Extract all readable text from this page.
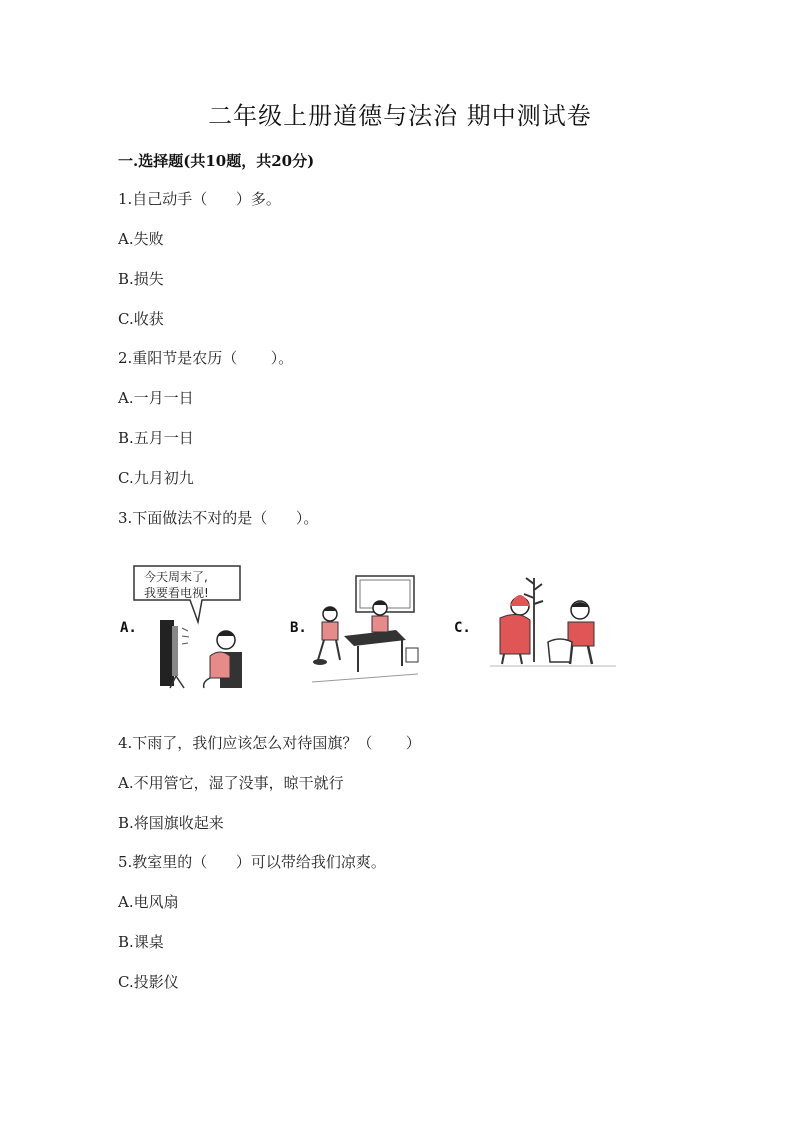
二年级上册道德与法治 期中测试卷
一.选择题(共10题，共20分)
1.自己动手（      ）多。
A.失败
B.损失
C.收获
2.重阳节是农历（       ）。
A.一月一日
B.五月一日
C.九月初九
3.下面做法不对的是（      ）。
A.
今天周末了,
我要看电视!
B.	C.
4.下雨了，我们应该怎么对待国旗？（       ）
A.不用管它，湿了没事，晾干就行
B.将国旗收起来
5.教室里的（      ）可以带给我们凉爽。
A.电风扇
B.课桌
C.投影仪
